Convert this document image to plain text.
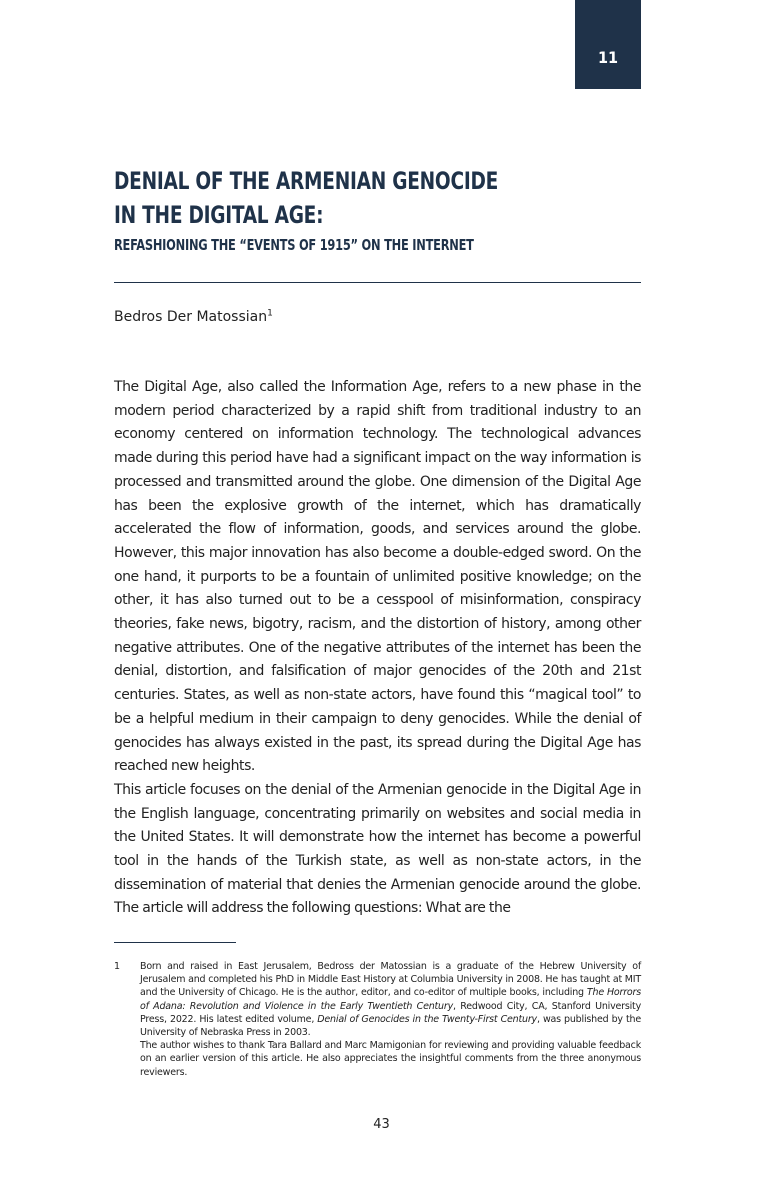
11
DENIAL OF THE ARMENIAN GENOCIDE
IN THE DIGITAL AGE:
REFASHIONING THE “EVENTS OF 1915” ON THE INTERNET
Bedros Der Matossian$^1$

The Digital Age, also called the Information Age, refers to a new phase in the modern period characterized by a rapid shift from traditional industry to an economy centered on information technology. The technological advances made during this period have had a significant impact on the way information is processed and transmitted around the globe. One dimension of the Digital Age has been the explosive growth of the internet, which has dramatically accelerated the flow of information, goods, and services around the globe. However, this major innovation has also become a double-edged sword. On the one hand, it purports to be a fountain of unlimited positive knowledge; on the other, it has also turned out to be a cesspool of misinformation, conspiracy theories, fake news, bigotry, racism, and the distortion of history, among other negative attributes. One of the negative attributes of the internet has been the denial, distortion, and falsification of major genocides of the 20th and 21st centuries. States, as well as non-state actors, have found this “magical tool” to be a helpful medium in their campaign to deny genocides. While the denial of genocides has always existed in the past, its spread during the Digital Age has reached new heights.

This article focuses on the denial of the Armenian genocide in the Digital Age in the English language, concentrating primarily on websites and social media in the United States. It will demonstrate how the internet has become a powerful tool in the hands of the Turkish state, as well as non-state actors, in the dissemination of material that denies the Armenian genocide around the globe. The article will address the following questions: What are the

1 Born and raised in East Jerusalem, Bedross der Matossian is a graduate of the Hebrew University of Jerusalem and completed his PhD in Middle East History at Columbia University in 2008. He has taught at MIT and the University of Chicago. He is the author, editor, and co-editor of multiple books, including The Horrors of Adana: Revolution and Violence in the Early Twentieth Century, Redwood City, CA, Stanford University Press, 2022. His latest edited volume, Denial of Genocides in the Twenty-First Century, was published by the University of Nebraska Press in 2003.

The author wishes to thank Tara Ballard and Marc Mamigonian for reviewing and providing valuable feedback on an earlier version of this article. He also appreciates the insightful comments from the three anonymous reviewers.

43
